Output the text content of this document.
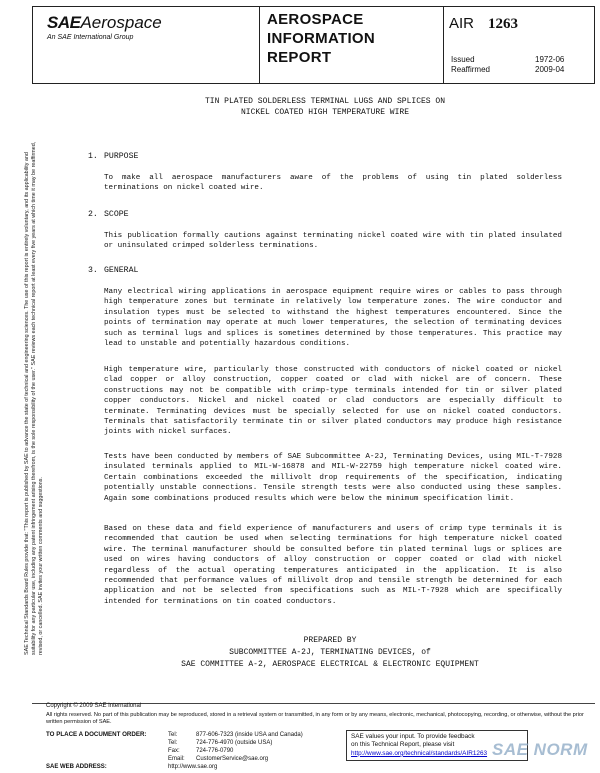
SAEAerospace
An SAE International Group
AEROSPACE
INFORMATION
REPORT
AIR 1263
Issued	1972-06
Reaffirmed	2009-04
SAE Technical Standards Board Rules provide that: "This report is published by SAE to advance the state of technical and engineering sciences. The use of this report is entirely voluntary, and its applicability and suitability for any particular use, including any patent infringement arising therefrom, is the sole responsibility of the user." SAE reviews each technical report at least every five years at which time it may be reaffirmed, revised, or cancelled. SAE invites your written comments and suggestions.
TIN PLATED SOLDERLESS TERMINAL LUGS AND SPLICES ON
NICKEL COATED HIGH TEMPERATURE WIRE
1. PURPOSE
To make all aerospace manufacturers aware of the problems of using tin plated solderless terminations on nickel coated wire.
2. SCOPE
This publication formally cautions against terminating nickel coated wire with tin plated insulated or uninsulated crimped solderless terminations.
3. GENERAL
Many electrical wiring applications in aerospace equipment require wires or cables to pass through high temperature zones but terminate in relatively low temperature zones. The wire conductor and insulation types must be selected to withstand the highest temperatures encountered. Since the points of termination may operate at much lower temperatures, the selection of terminating devices such as terminal lugs and splices is sometimes determined by those temperatures. This practice may lead to unstable and potentially hazardous conditions.
High temperature wire, particularly those constructed with conductors of nickel coated or nickel clad copper or alloy construction, copper coated or clad with nickel are of concern. These constructions may not be compatible with crimp-type terminals intended for tin or silver plated copper conductors. Nickel and nickel coated or clad conductors are especially difficult to terminate. Terminating devices must be specially selected for use on nickel coated conductors. Terminals that satisfactorily terminate tin or silver plated conductors may produce high resistance joints with nickel surfaces.
Tests have been conducted by members of SAE Subcommittee A-2J, Terminating Devices, using MIL-T-7928 insulated terminals applied to MIL-W-16878 and MIL-W-22759 high temperature nickel coated wire. Certain combinations exceeded the millivolt drop requirements of the specification, indicating potentially unstable connections. Tensile strength tests were also conducted using these samples. Again some combinations produced results which were below the minimum specification limit.
Based on these data and field experience of manufacturers and users of crimp type terminals it is recommended that caution be used when selecting terminations for high temperature nickel coated wire. The terminal manufacturer should be consulted before tin plated terminal lugs or splices are used on wires having conductors of alloy construction or copper coated or clad with nickel regardless of the actual operating temperatures anticipated in the application. It is also recommended that performance values of millivolt drop and tensile strength be determined for each application and not be selected from specifications such as MIL-T-7928 which are specifically intended for terminations on tin coated conductors.
PREPARED BY
SUBCOMMITTEE A-2J, TERMINATING DEVICES, of
SAE COMMITTEE A-2, AEROSPACE ELECTRICAL & ELECTRONIC EQUIPMENT
Copyright © 2009 SAE International
All rights reserved. No part of this publication may be reproduced, stored in a retrieval system or transmitted, in any form or by any means, electronic, mechanical, photocopying, recording, or otherwise, without the prior written permission of SAE.
TO PLACE A DOCUMENT ORDER:	Tel:	877-606-7323 (inside USA and Canada)
Tel:	724-776-4970 (outside USA)
Fax:	724-776-0790
Email: CustomerService@sae.org
SAE WEB ADDRESS:	http://www.sae.org
SAE values your input. To provide feedback
on this Technical Report, please visit
http://www.sae.org/technical/standards/AIR1263 SAE NORM
